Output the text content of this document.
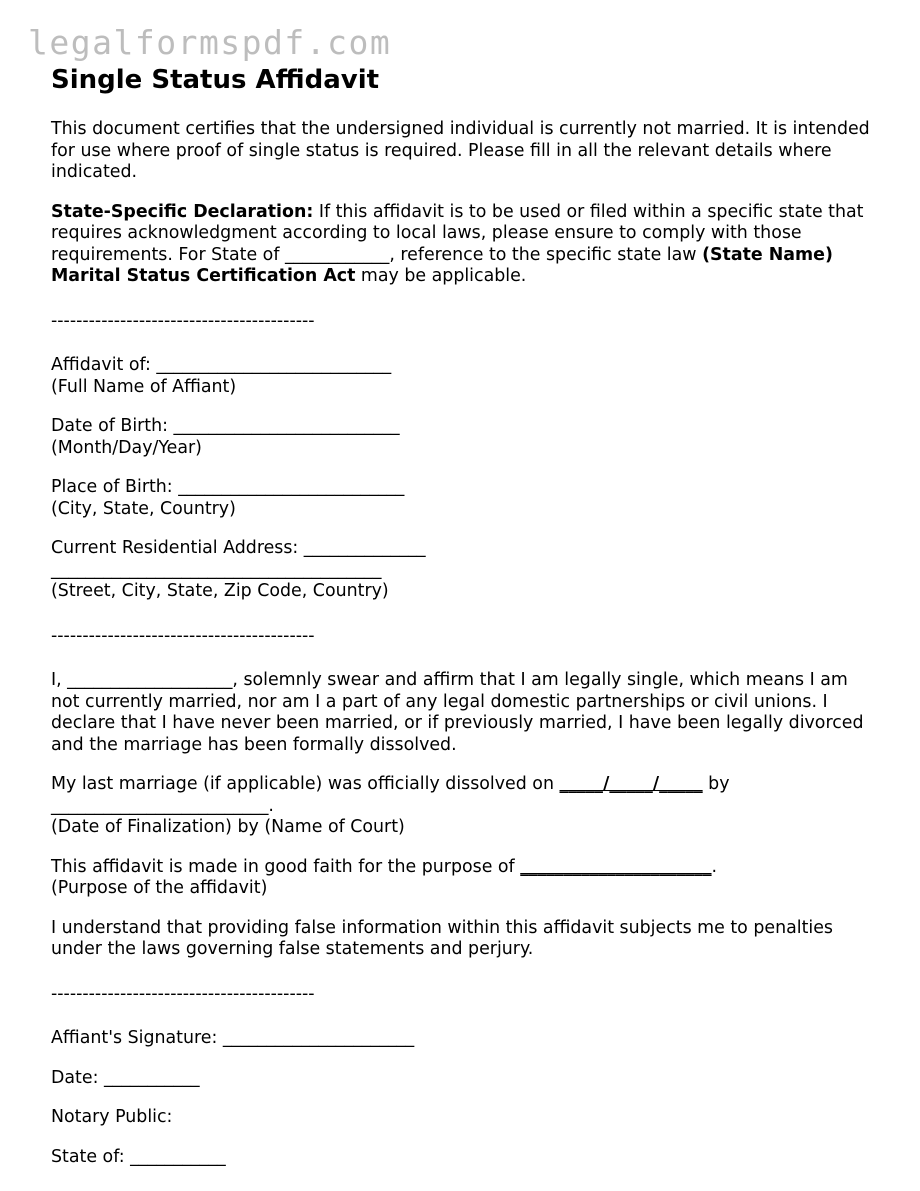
legalformspdf.com
Single Status Affidavit

This document certifies that the undersigned individual is currently not married. It is intended for use where proof of single status is required. Please fill in all the relevant details where indicated.

State-Specific Declaration: If this affidavit is to be used or filed within a specific state that requires acknowledgment according to local laws, please ensure to comply with those requirements. For State of ____________, reference to the specific state law (State Name) Marital Status Certification Act may be applicable.

------------------------------------------

Affidavit of: ___________________________

(Full Name of Affiant)

Date of Birth: __________________________

(Month/Day/Year)

Place of Birth: __________________________

(City, State, Country)

Current Residential Address: ______________

______________________________________

(Street, City, State, Zip Code, Country)

------------------------------------------

I, ___________________, solemnly swear and affirm that I am legally single, which means I am not currently married, nor am I a part of any legal domestic partnerships or civil unions. I declare that I have never been married, or if previously married, I have been legally divorced and the marriage has been formally dissolved.

My last marriage (if applicable) was officially dissolved on _____/_____/_____ by
_________________________.

(Date of Finalization) by (Name of Court)

This affidavit is made in good faith for the purpose of ______________________.

(Purpose of the affidavit)

I understand that providing false information within this affidavit subjects me to penalties under the laws governing false statements and perjury.

------------------------------------------

Affiant's Signature: ______________________

Date: ___________

Notary Public:

State of: ___________
